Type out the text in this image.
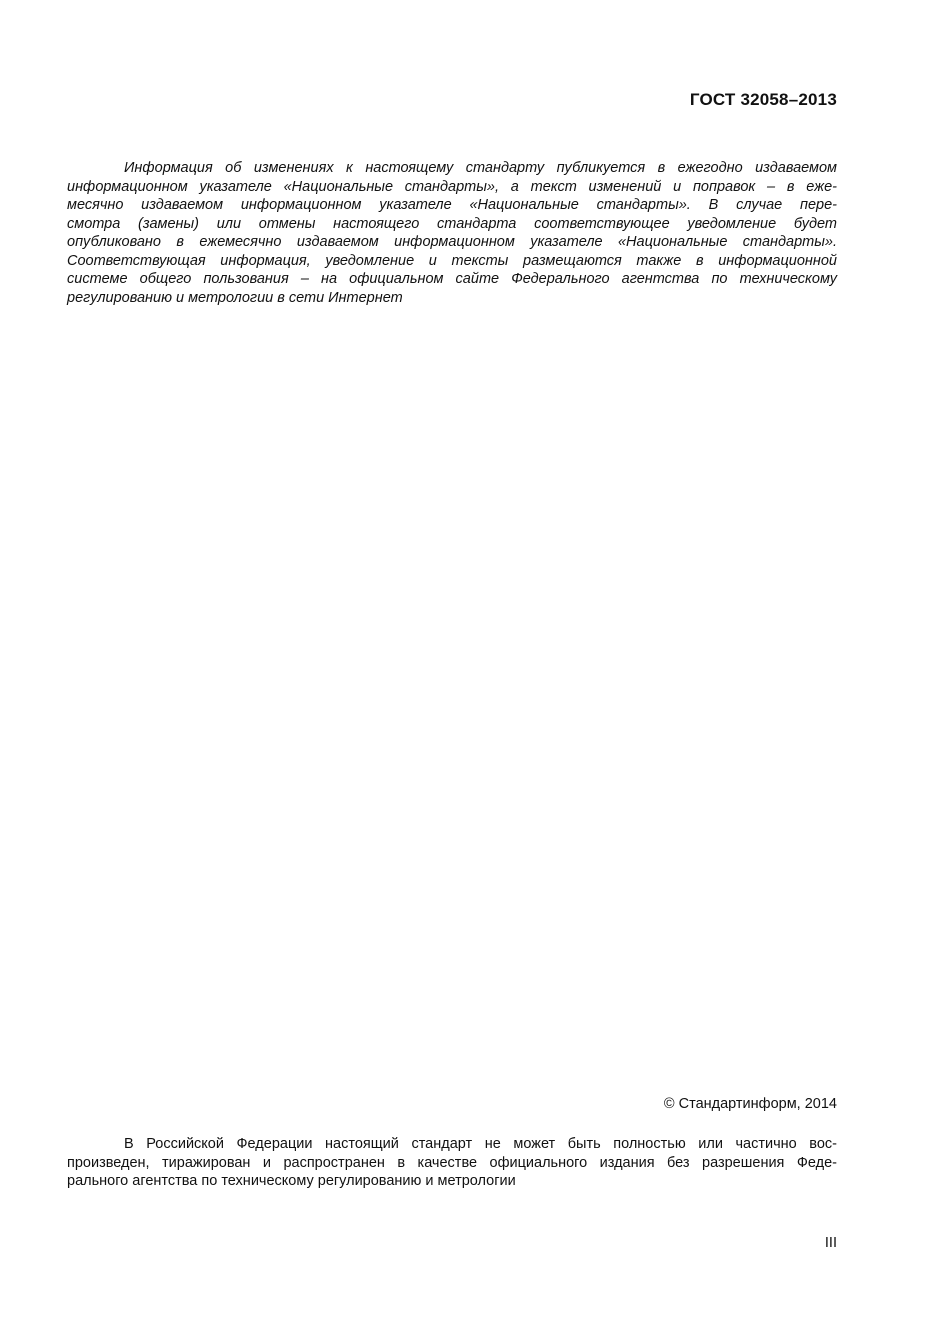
ГОСТ 32058–2013
Информация об изменениях к настоящему стандарту публикуется в ежегодно издаваемом
информационном указателе «Национальные стандарты», а текст изменений и поправок – в еже-
месячно издаваемом информационном указателе «Национальные стандарты». В случае пере-
смотра (замены) или отмены настоящего стандарта соответствующее уведомление будет
опубликовано в ежемесячно издаваемом информационном указателе «Национальные стандарты».
Соответствующая информация, уведомление и тексты размещаются также в информационной
системе общего пользования – на официальном сайте Федерального агентства по техническому
регулированию и метрологии в сети Интернет
© Стандартинформ, 2014
В Российской Федерации настоящий стандарт не может быть полностью или частично вос-
произведен, тиражирован и распространен в качестве официального издания без разрешения Феде-
рального агентства по техническому регулированию и метрологии
III
